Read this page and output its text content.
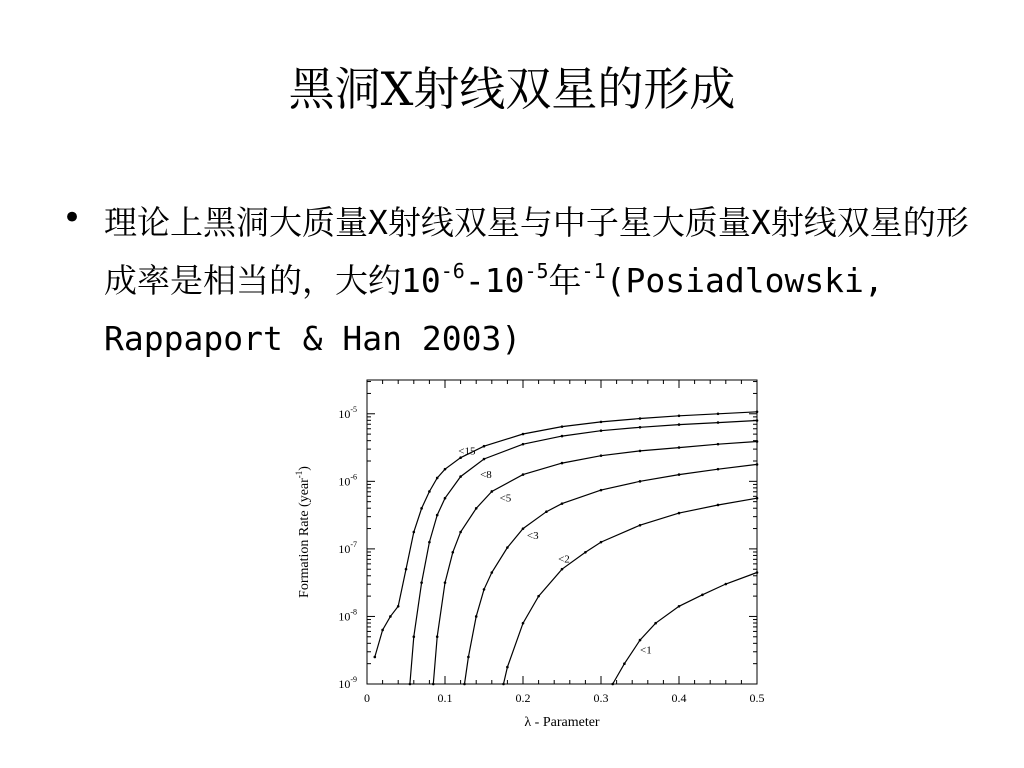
黑洞X射线双星的形成
• 理论上黑洞大质量X射线双星与中子星大质量X射线双星的形成率是相当的，大约$10^{-6}-10^{-5}$年$^{-1}$(Posiadlowski, Rappaport & Han 2003)
0	0.1	0.2	0.3	0.4	0.5
$10^{-5}$
$10^{-6}$
$10^{-7}$
$10^{-8}$
$10^{-9}$
<15
<8
<5
<3
<2
<1
λ - Parameter
Formation Rate (year$^{-1}$)
